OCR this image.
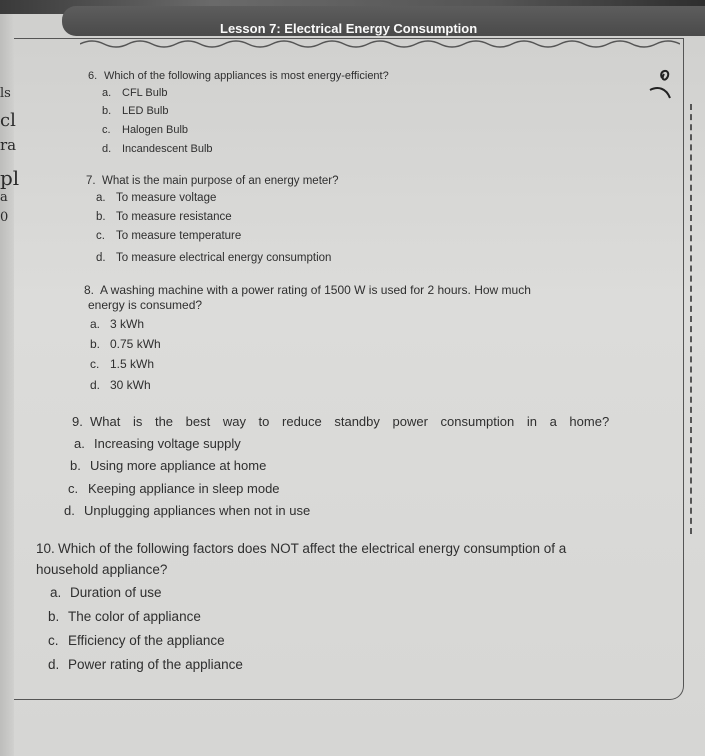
Lesson 7: Electrical Energy Consumption
ls
cl
ra
pl
a
0
6. Which of the following appliances is most energy-efficient?
a. CFL Bulb
b. LED Bulb
c. Halogen Bulb
d. Incandescent Bulb
7. What is the main purpose of an energy meter?
a. To measure voltage
b. To measure resistance
c. To measure temperature
d. To measure electrical energy consumption
8. A washing machine with a power rating of 1500 W is used for 2 hours. How much
energy is consumed?
a. 3 kWh
b. 0.75 kWh
c. 1.5 kWh
d. 30 kWh
9. What is the best way to reduce standby power consumption in a home?
a. Increasing voltage supply
b. Using more appliance at home
c. Keeping appliance in sleep mode
d. Unplugging appliances when not in use
10. Which of the following factors does NOT affect the electrical energy consumption of a
household appliance?
a. Duration of use
b. The color of appliance
c. Efficiency of the appliance
d. Power rating of the appliance
